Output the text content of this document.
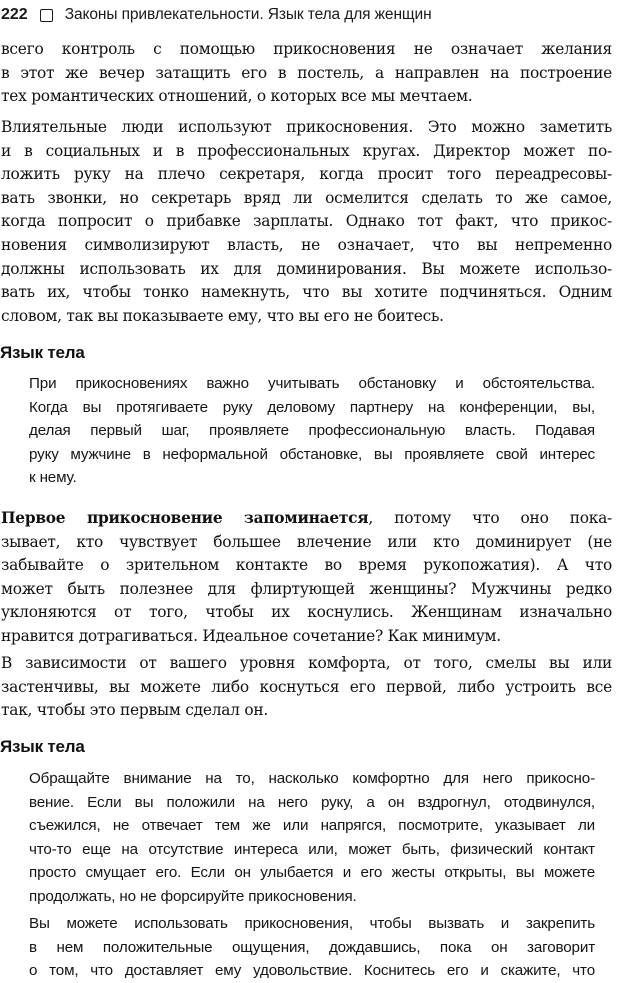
222 Законы привлекательности. Язык тела для женщин
всего контроль с помощью прикосновения не означает желания
в этот же вечер затащить его в постель, а направлен на построение
тех романтических отношений, о которых все мы мечтаем.
Влиятельные люди используют прикосновения. Это можно заметить
и в социальных и в профессиональных кругах. Директор может по-
ложить руку на плечо секретаря, когда просит того переадресовы-
вать звонки, но секретарь вряд ли осмелится сделать то же самое,
когда попросит о прибавке зарплаты. Однако тот факт, что прикос-
новения символизируют власть, не означает, что вы непременно
должны использовать их для доминирования. Вы можете использо-
вать их, чтобы тонко намекнуть, что вы хотите подчиняться. Одним
словом, так вы показываете ему, что вы его не боитесь.
Язык тела
При прикосновениях важно учитывать обстановку и обстоятельства.
Когда вы протягиваете руку деловому партнеру на конференции, вы,
делая первый шаг, проявляете профессиональную власть. Подавая
руку мужчине в неформальной обстановке, вы проявляете свой интерес
к нему.
Первое прикосновение запоминается, потому что оно пока-
зывает, кто чувствует большее влечение или кто доминирует (не
забывайте о зрительном контакте во время рукопожатия). А что
может быть полезнее для флиртующей женщины? Мужчины редко
уклоняются от того, чтобы их коснулись. Женщинам изначально
нравится дотрагиваться. Идеальное сочетание? Как минимум.
В зависимости от вашего уровня комфорта, от того, смелы вы или
застенчивы, вы можете либо коснуться его первой, либо устроить все
так, чтобы это первым сделал он.
Язык тела
Обращайте внимание на то, насколько комфортно для него прикосно-
вение. Если вы положили на него руку, а он вздрогнул, отодвинулся,
съежился, не отвечает тем же или напрягся, посмотрите, указывает ли
что-то еще на отсутствие интереса или, может быть, физический контакт
просто смущает его. Если он улыбается и его жесты открыты, вы можете
продолжать, но не форсируйте прикосновения.
Вы можете использовать прикосновения, чтобы вызвать и закрепить
в нем положительные ощущения, дождавшись, пока он заговорит
о том, что доставляет ему удовольствие. Коснитесь его и скажите, что
